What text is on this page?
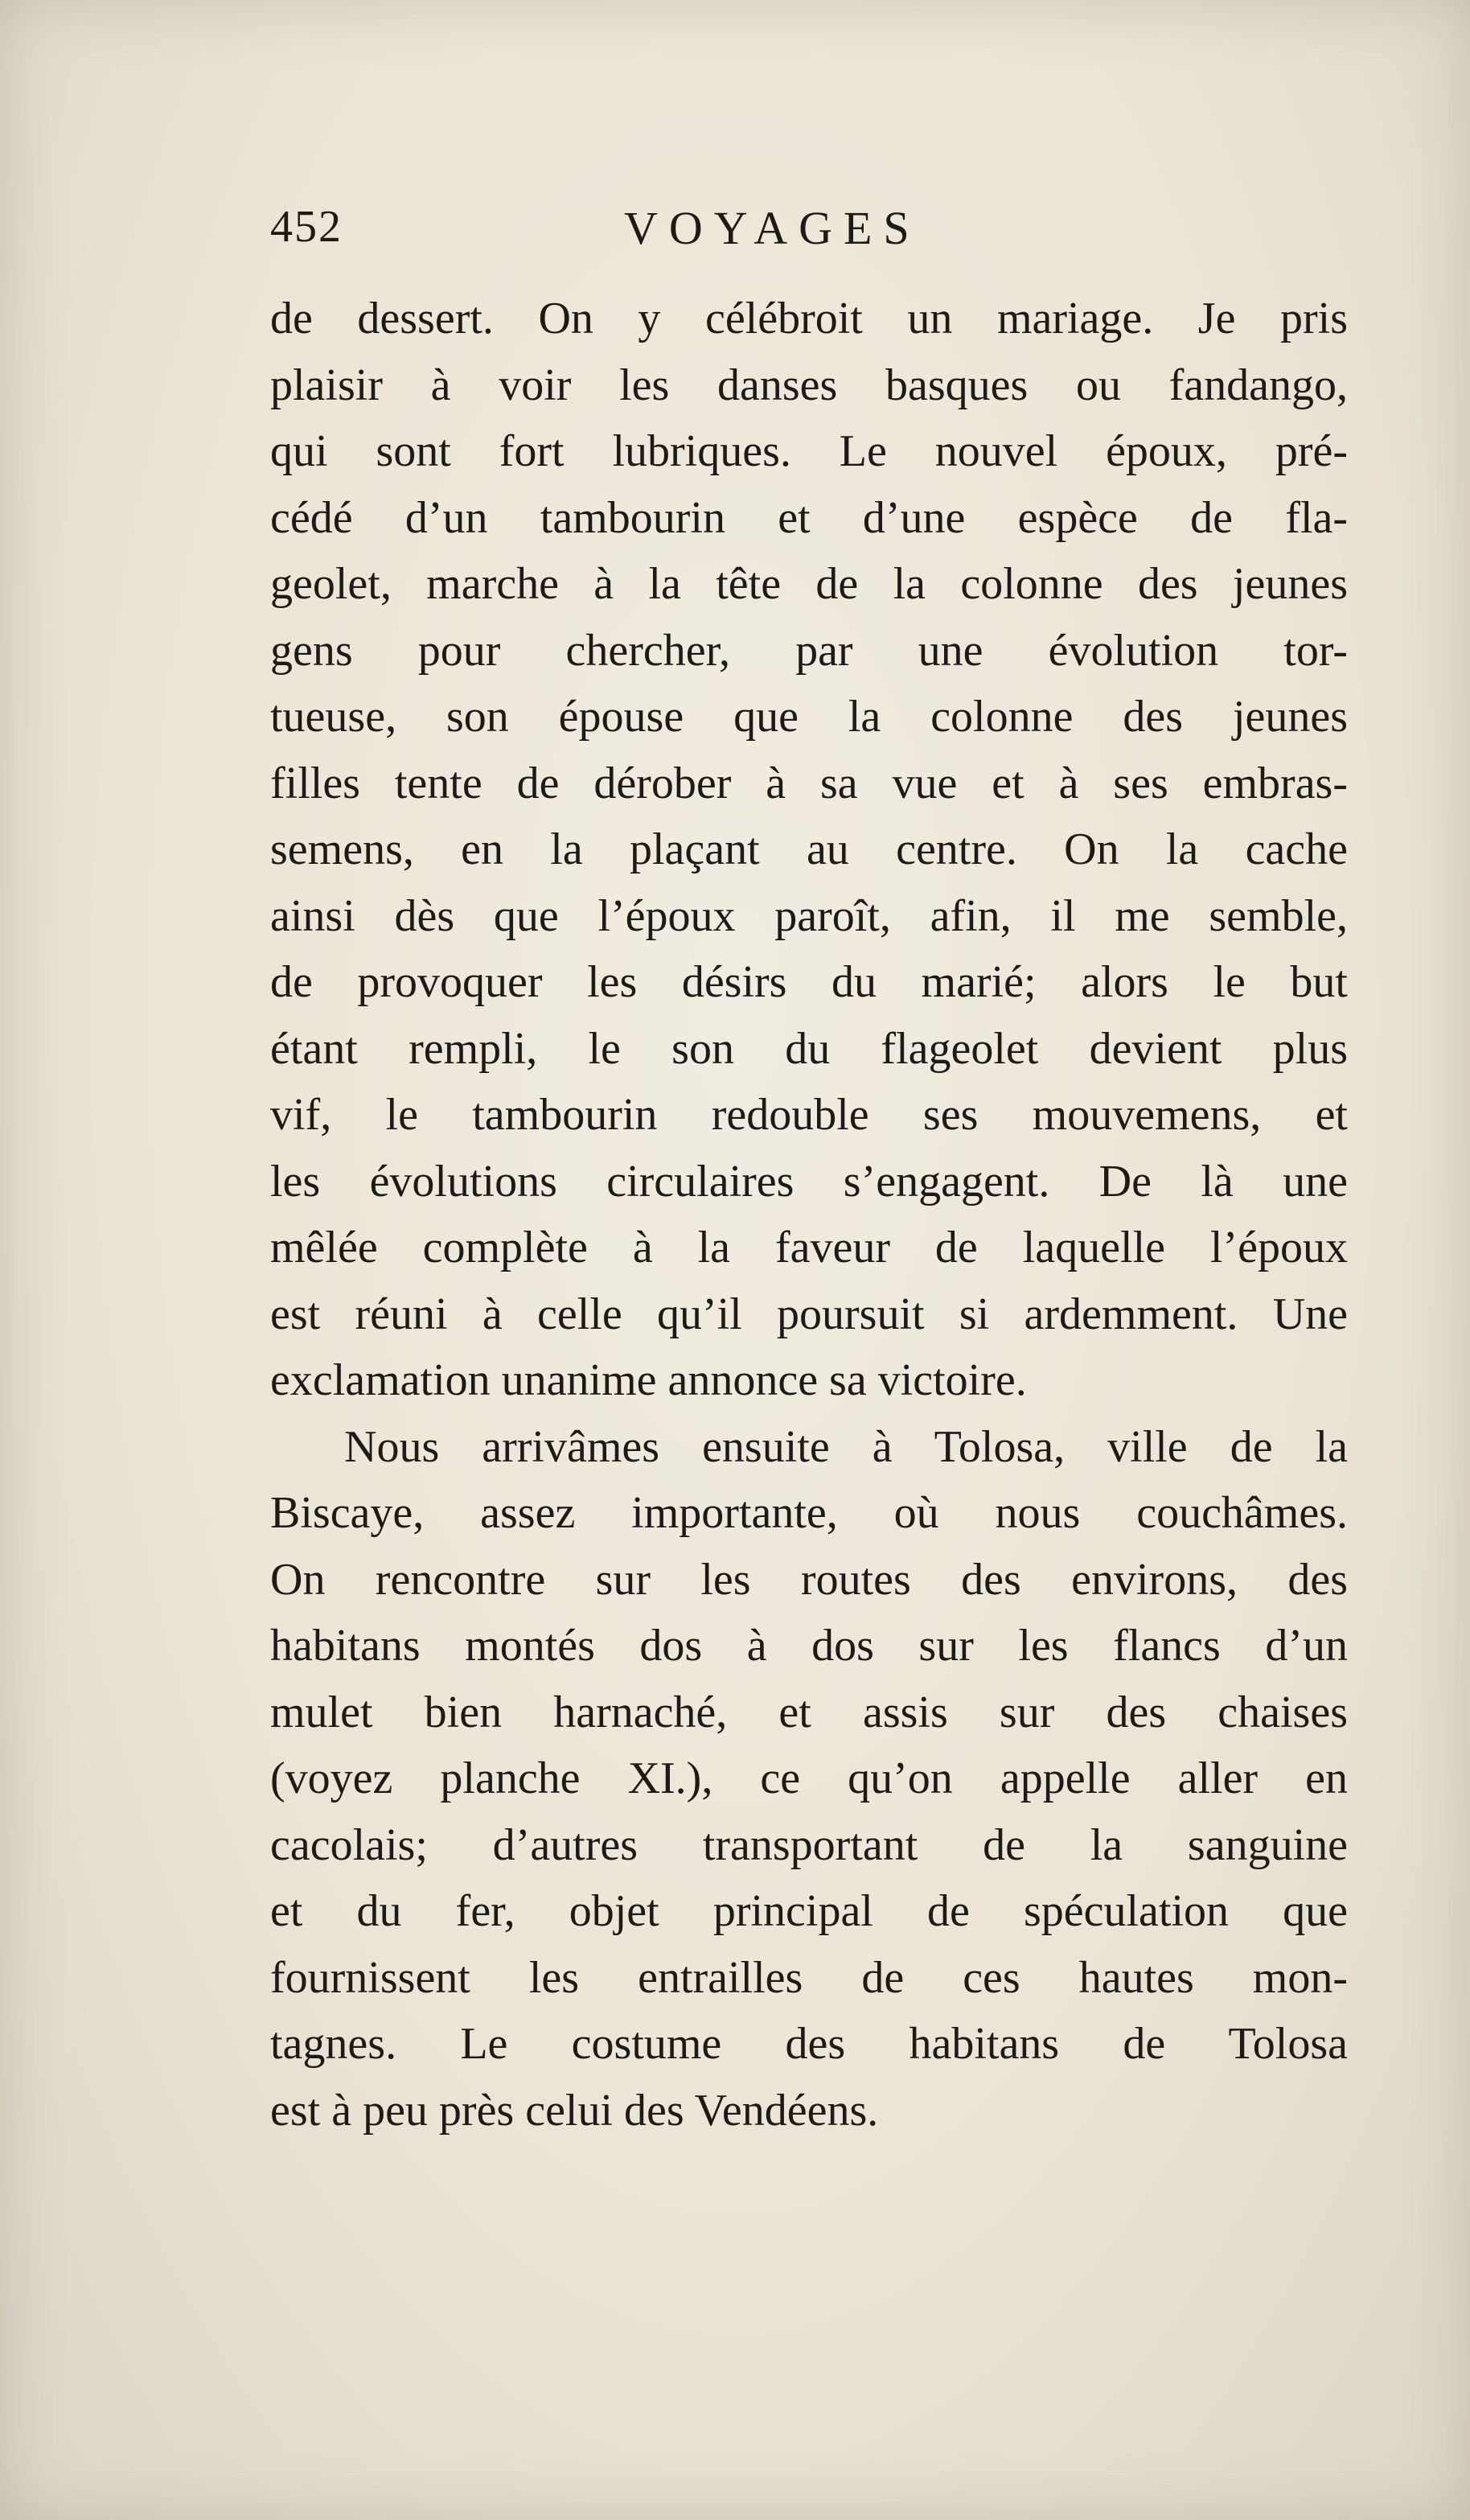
452	VOYAGES
de dessert. On y célébroit un mariage. Je pris
plaisir à voir les danses basques ou fandango,
qui sont fort lubriques. Le nouvel époux, pré-
cédé d’un tambourin et d’une espèce de fla-
geolet, marche à la tête de la colonne des jeunes
gens pour chercher, par une évolution tor-
tueuse, son épouse que la colonne des jeunes
filles tente de dérober à sa vue et à ses embras-
semens, en la plaçant au centre. On la cache
ainsi dès que l’époux paroît, afin, il me semble,
de provoquer les désirs du marié; alors le but
étant rempli, le son du flageolet devient plus
vif, le tambourin redouble ses mouvemens, et
les évolutions circulaires s’engagent. De là une
mêlée complète à la faveur de laquelle l’époux
est réuni à celle qu’il poursuit si ardemment. Une
exclamation unanime annonce sa victoire.
Nous arrivâmes ensuite à Tolosa, ville de la
Biscaye, assez importante, où nous couchâmes.
On rencontre sur les routes des environs, des
habitans montés dos à dos sur les flancs d’un
mulet bien harnaché, et assis sur des chaises
(voyez planche XI.), ce qu’on appelle aller en
cacolais; d’autres transportant de la sanguine
et du fer, objet principal de spéculation que
fournissent les entrailles de ces hautes mon-
tagnes. Le costume des habitans de Tolosa
est à peu près celui des Vendéens.
